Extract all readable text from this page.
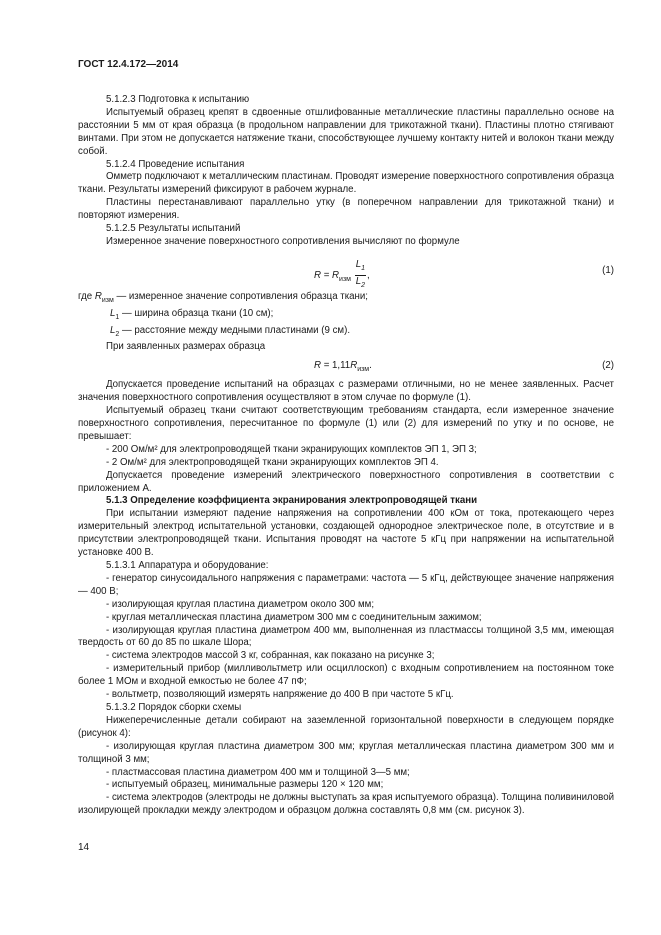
ГОСТ 12.4.172—2014

5.1.2.3 Подготовка к испытанию

Испытуемый образец крепят в сдвоенные отшлифованные металлические пластины параллельно основе на расстоянии 5 мм от края образца (в продольном направлении для трикотажной ткани). Пластины плотно стягивают винтами. При этом не допускается натяжение ткани, способствующее лучшему контакту нитей и волокон ткани между собой.

5.1.2.4 Проведение испытания

Омметр подключают к металлическим пластинам. Проводят измерение поверхностного сопротивления образца ткани. Результаты измерений фиксируют в рабочем журнале.

Пластины перестанавливают параллельно утку (в поперечном направлении для трикотажной ткани) и повторяют измерения.

5.1.2.5 Результаты испытаний

Измеренное значение поверхностного сопротивления вычисляют по формуле

$R = R_{изм} \frac{L_1}{L_2}$ ,	(1)

где $R_{изм}$ — измеренное значение сопротивления образца ткани;

$L_1$ — ширина образца ткани (10 см);

$L_2$ — расстояние между медными пластинами (9 см).

При заявленных размерах образца

$R = 1,11R_{изм}$.	(2)

Допускается проведение испытаний на образцах с размерами отличными, но не менее заявленных. Расчет значения поверхностного сопротивления осуществляют в этом случае по формуле (1).

Испытуемый образец ткани считают соответствующим требованиям стандарта, если измеренное значение поверхностного сопротивления, пересчитанное по формуле (1) или (2) для измерений по утку и по основе, не превышает:

- 200 Ом/м² для электропроводящей ткани экранирующих комплектов ЭП 1, ЭП 3;

- 2 Ом/м² для электропроводящей ткани экранирующих комплектов ЭП 4.

Допускается проведение измерений электрического поверхностного сопротивления в соответствии с приложением А.

5.1.3 Определение коэффициента экранирования электропроводящей ткани

При испытании измеряют падение напряжения на сопротивлении 400 кОм от тока, протекающего через измерительный электрод испытательной установки, создающей однородное электрическое поле, в отсутствие и в присутствии электропроводящей ткани. Испытания проводят на частоте 5 кГц при напряжении на испытательной установке 400 В.

5.1.3.1 Аппаратура и оборудование:

- генератор синусоидального напряжения с параметрами: частота — 5 кГц, действующее значение напряжения — 400 В;

- изолирующая круглая пластина диаметром около 300 мм;

- круглая металлическая пластина диаметром 300 мм с соединительным зажимом;

- изолирующая круглая пластина диаметром 400 мм, выполненная из пластмассы толщиной 3,5 мм, имеющая твердость от 60 до 85 по шкале Шора;

- система электродов массой 3 кг, собранная, как показано на рисунке 3;

- измерительный прибор (милливольтметр или осциллоскоп) с входным сопротивлением на постоянном токе более 1 МОм и входной емкостью не более 47 пФ;

- вольтметр, позволяющий измерять напряжение до 400 В при частоте 5 кГц.

5.1.3.2 Порядок сборки схемы

Нижеперечисленные детали собирают на заземленной горизонтальной поверхности в следующем порядке (рисунок 4):

- изолирующая круглая пластина диаметром 300 мм; круглая металлическая пластина диаметром 300 мм и толщиной 3 мм;

- пластмассовая пластина диаметром 400 мм и толщиной 3—5 мм;

- испытуемый образец, минимальные размеры 120 × 120 мм;

- система электродов (электроды не должны выступать за края испытуемого образца). Толщина поливиниловой изолирующей прокладки между электродом и образцом должна составлять 0,8 мм (см. рисунок 3).

14
